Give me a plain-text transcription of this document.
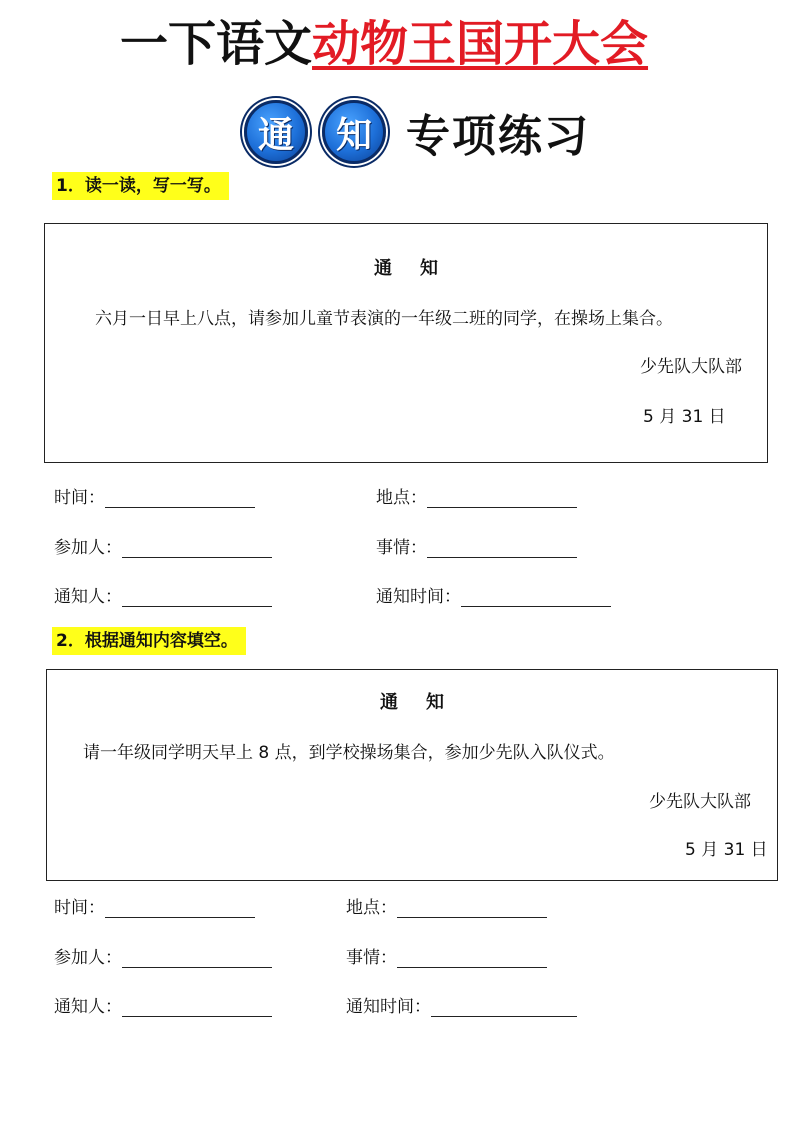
一下语文动物王国开大会
通	知 专项练习
1．读一读，写一写。
通 知
六月一日早上八点，请参加儿童节表演的一年级二班的同学，在操场上集合。
少先队大队部
5 月 31 日
时间：	地点：
参加人：	事情：
通知人：	通知时间：
2．根据通知内容填空。
通 知
请一年级同学明天早上 8 点，到学校操场集合，参加少先队入队仪式。
少先队大队部
5 月 31 日
时间：	地点：
参加人：	事情：
通知人：	通知时间：
